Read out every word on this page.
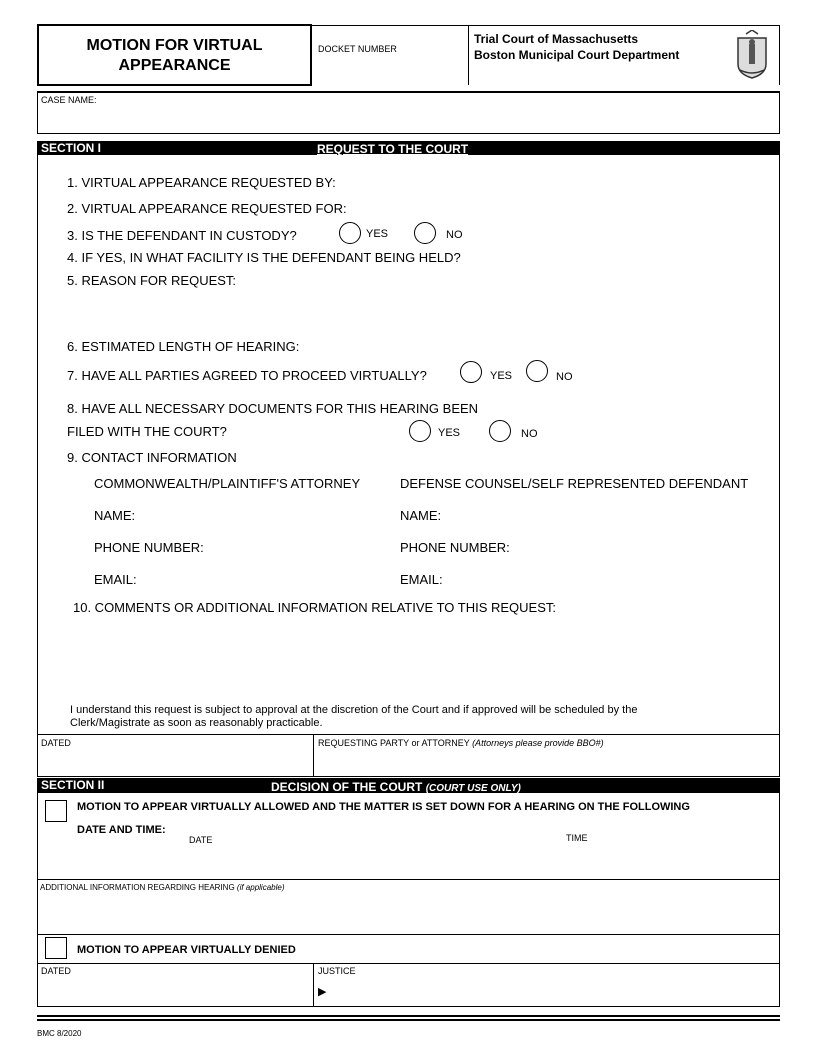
MOTION FOR VIRTUAL
APPEARANCE
DOCKET NUMBER
Trial Court of Massachusetts
Boston Municipal Court Department
CASE NAME:
SECTION I	REQUEST TO THE COURT
1. VIRTUAL APPEARANCE REQUESTED BY:
2. VIRTUAL APPEARANCE REQUESTED FOR:
3. IS THE DEFENDANT IN CUSTODY?	YES	NO
4. IF YES, IN WHAT FACILITY IS THE DEFENDANT BEING HELD?
5. REASON FOR REQUEST:
6. ESTIMATED LENGTH OF HEARING:
7. HAVE ALL PARTIES AGREED TO PROCEED VIRTUALLY?	YES	NO
8. HAVE ALL NECESSARY DOCUMENTS FOR THIS HEARING BEEN
FILED WITH THE COURT?	YES	NO
9. CONTACT INFORMATION
COMMONWEALTH/PLAINTIFF'S ATTORNEY	DEFENSE COUNSEL/SELF REPRESENTED DEFENDANT
NAME:	NAME:
PHONE NUMBER:	PHONE NUMBER:
EMAIL:	EMAIL:
10. COMMENTS OR ADDITIONAL INFORMATION RELATIVE TO THIS REQUEST:
I understand this request is subject to approval at the discretion of the Court and if approved will be scheduled by the
Clerk/Magistrate as soon as reasonably practicable.
DATED	REQUESTING PARTY or ATTORNEY (Attorneys please provide BBO#)
SECTION II	DECISION OF THE COURT (COURT USE ONLY)
MOTION TO APPEAR VIRTUALLY ALLOWED AND THE MATTER IS SET DOWN FOR A HEARING ON THE FOLLOWING
DATE AND TIME:
DATE	TIME
ADDITIONAL INFORMATION REGARDING HEARING (if applicable)
MOTION TO APPEAR VIRTUALLY DENIED
DATED	JUSTICE
▶
BMC 8/2020
